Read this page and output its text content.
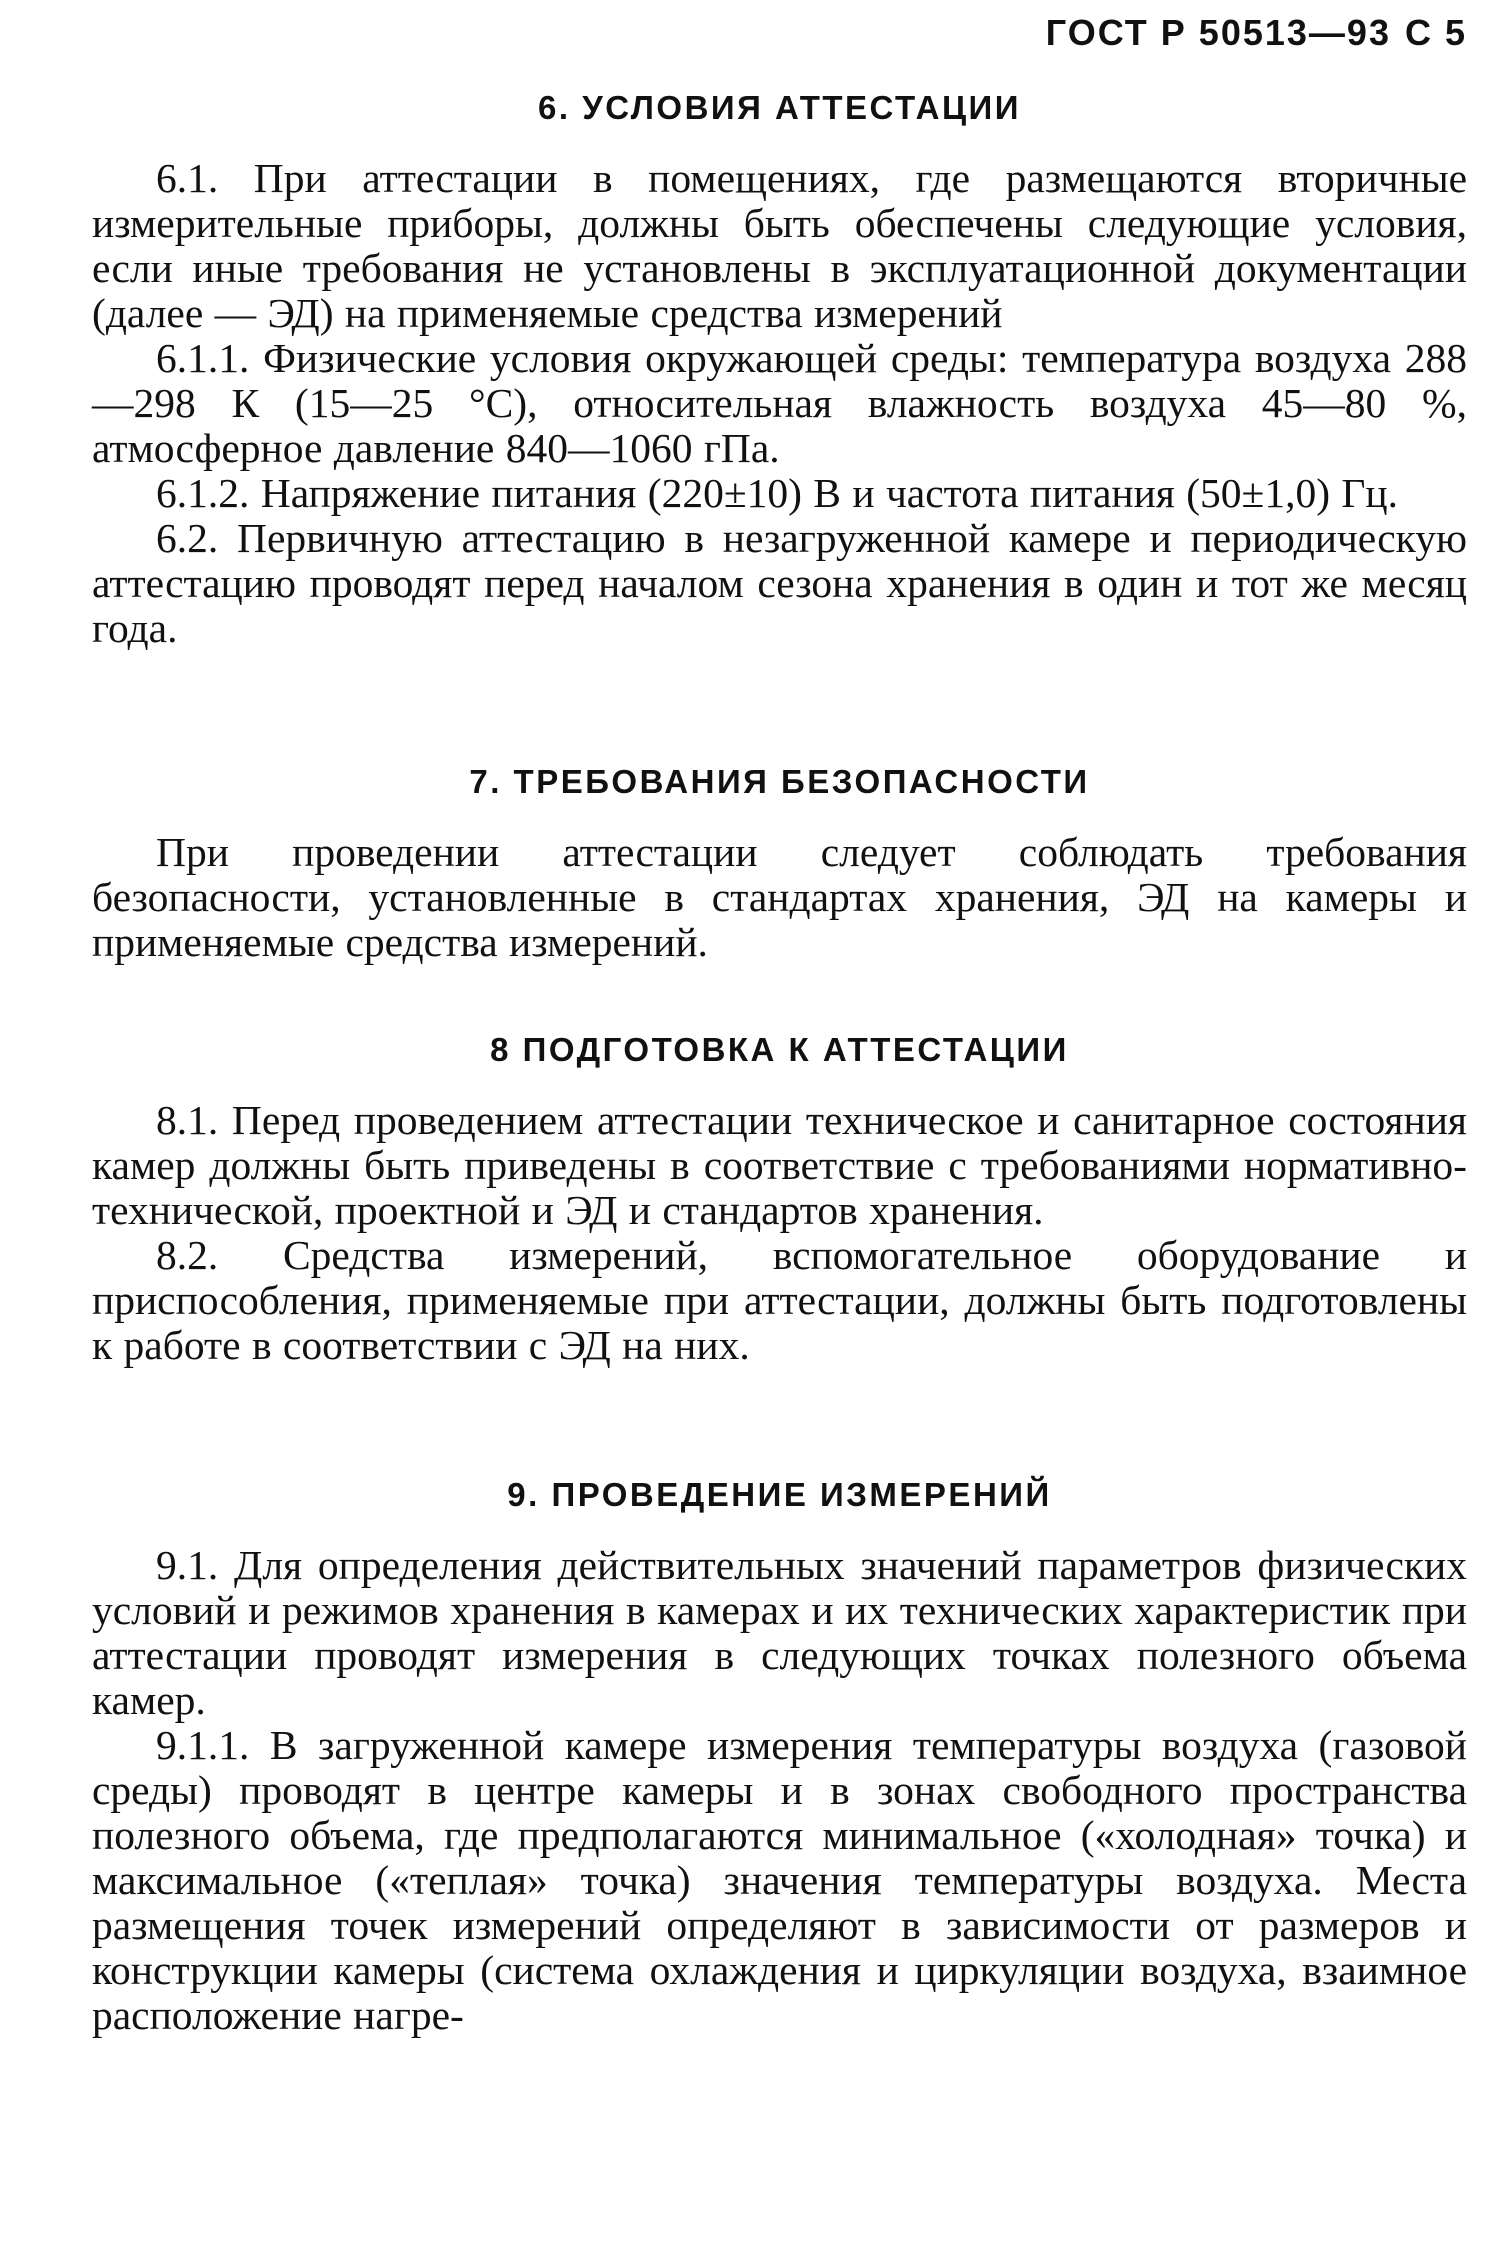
ГОСТ Р 50513—93 С 5
6. УСЛОВИЯ АТТЕСТАЦИИ

6.1. При аттестации в помещениях, где размещаются вторичные измерительные приборы, должны быть обеспечены следующие условия, если иные требования не установлены в эксплуатационной документации (далее — ЭД) на применяемые средства измерений

6.1.1. Физические условия окружающей среды: температура воздуха 288—298 К (15—25 °С), относительная влажность воздуха 45—80 %, атмосферное давление 840—1060 гПа.

6.1.2. Напряжение питания (220±10) В и частота питания (50±1,0) Гц.

6.2. Первичную аттестацию в незагруженной камере и периодическую аттестацию проводят перед началом сезона хранения в один и тот же месяц года.

7. ТРЕБОВАНИЯ БЕЗОПАСНОСТИ

При проведении аттестации следует соблюдать требования безопасности, установленные в стандартах хранения, ЭД на камеры и применяемые средства измерений.

8 ПОДГОТОВКА К АТТЕСТАЦИИ

8.1. Перед проведением аттестации техническое и санитарное состояния камер должны быть приведены в соответствие с требованиями нормативно-технической, проектной и ЭД и стандартов хранения.

8.2. Средства измерений, вспомогательное оборудование и приспособления, применяемые при аттестации, должны быть подготовлены к работе в соответствии с ЭД на них.

9. ПРОВЕДЕНИЕ ИЗМЕРЕНИЙ

9.1. Для определения действительных значений параметров физических условий и режимов хранения в камерах и их технических характеристик при аттестации проводят измерения в следующих точках полезного объема камер.

9.1.1. В загруженной камере измерения температуры воздуха (газовой среды) проводят в центре камеры и в зонах свободного пространства полезного объема, где предполагаются минимальное («холодная» точка) и максимальное («теплая» точка) значения температуры воздуха. Места размещения точек измерений определяют в зависимости от размеров и конструкции камеры (система охлаждения и циркуляции воздуха, взаимное расположение нагре-
